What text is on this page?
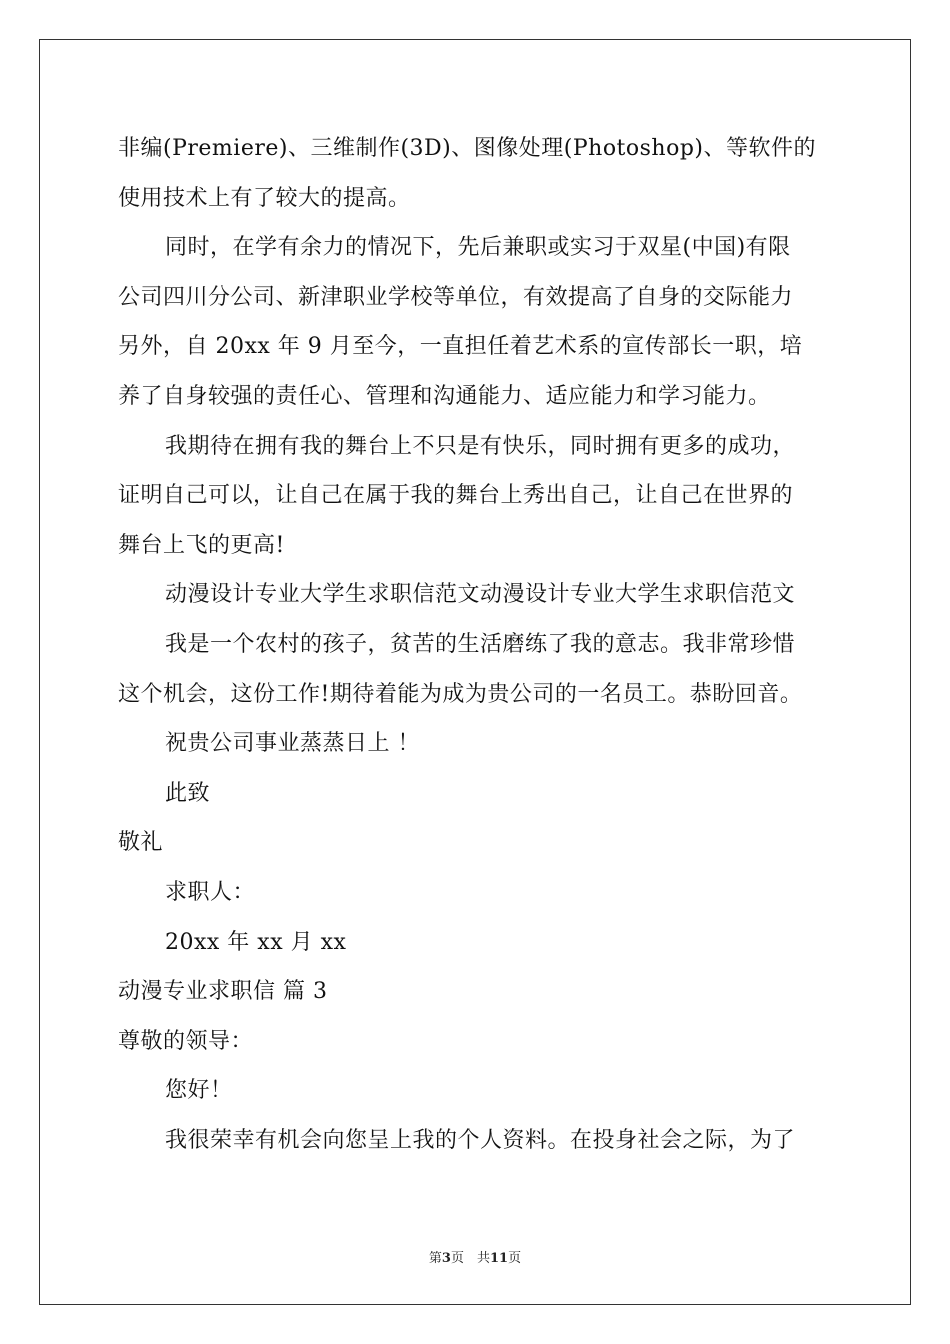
非编(Premiere)、三维制作(3D)、图像处理(Photoshop)、等软件的
使用技术上有了较大的提高。
同时，在学有余力的情况下，先后兼职或实习于双星(中国)有限
公司四川分公司、新津职业学校等单位，有效提高了自身的交际能力
另外，自 20xx 年 9 月至今，一直担任着艺术系的宣传部长一职，培
养了自身较强的责任心、管理和沟通能力、适应能力和学习能力。
我期待在拥有我的舞台上不只是有快乐，同时拥有更多的成功，
证明自己可以，让自己在属于我的舞台上秀出自己，让自己在世界的
舞台上飞的更高!
动漫设计专业大学生求职信范文动漫设计专业大学生求职信范文
我是一个农村的孩子，贫苦的生活磨练了我的意志。我非常珍惜
这个机会，这份工作!期待着能为成为贵公司的一名员工。恭盼回音。
祝贵公司事业蒸蒸日上 ！
此致
敬礼
求职人：
20xx 年 xx 月 xx
动漫专业求职信 篇 3
尊敬的领导：
您好！
我很荣幸有机会向您呈上我的个人资料。在投身社会之际，为了
第3页　共11页
